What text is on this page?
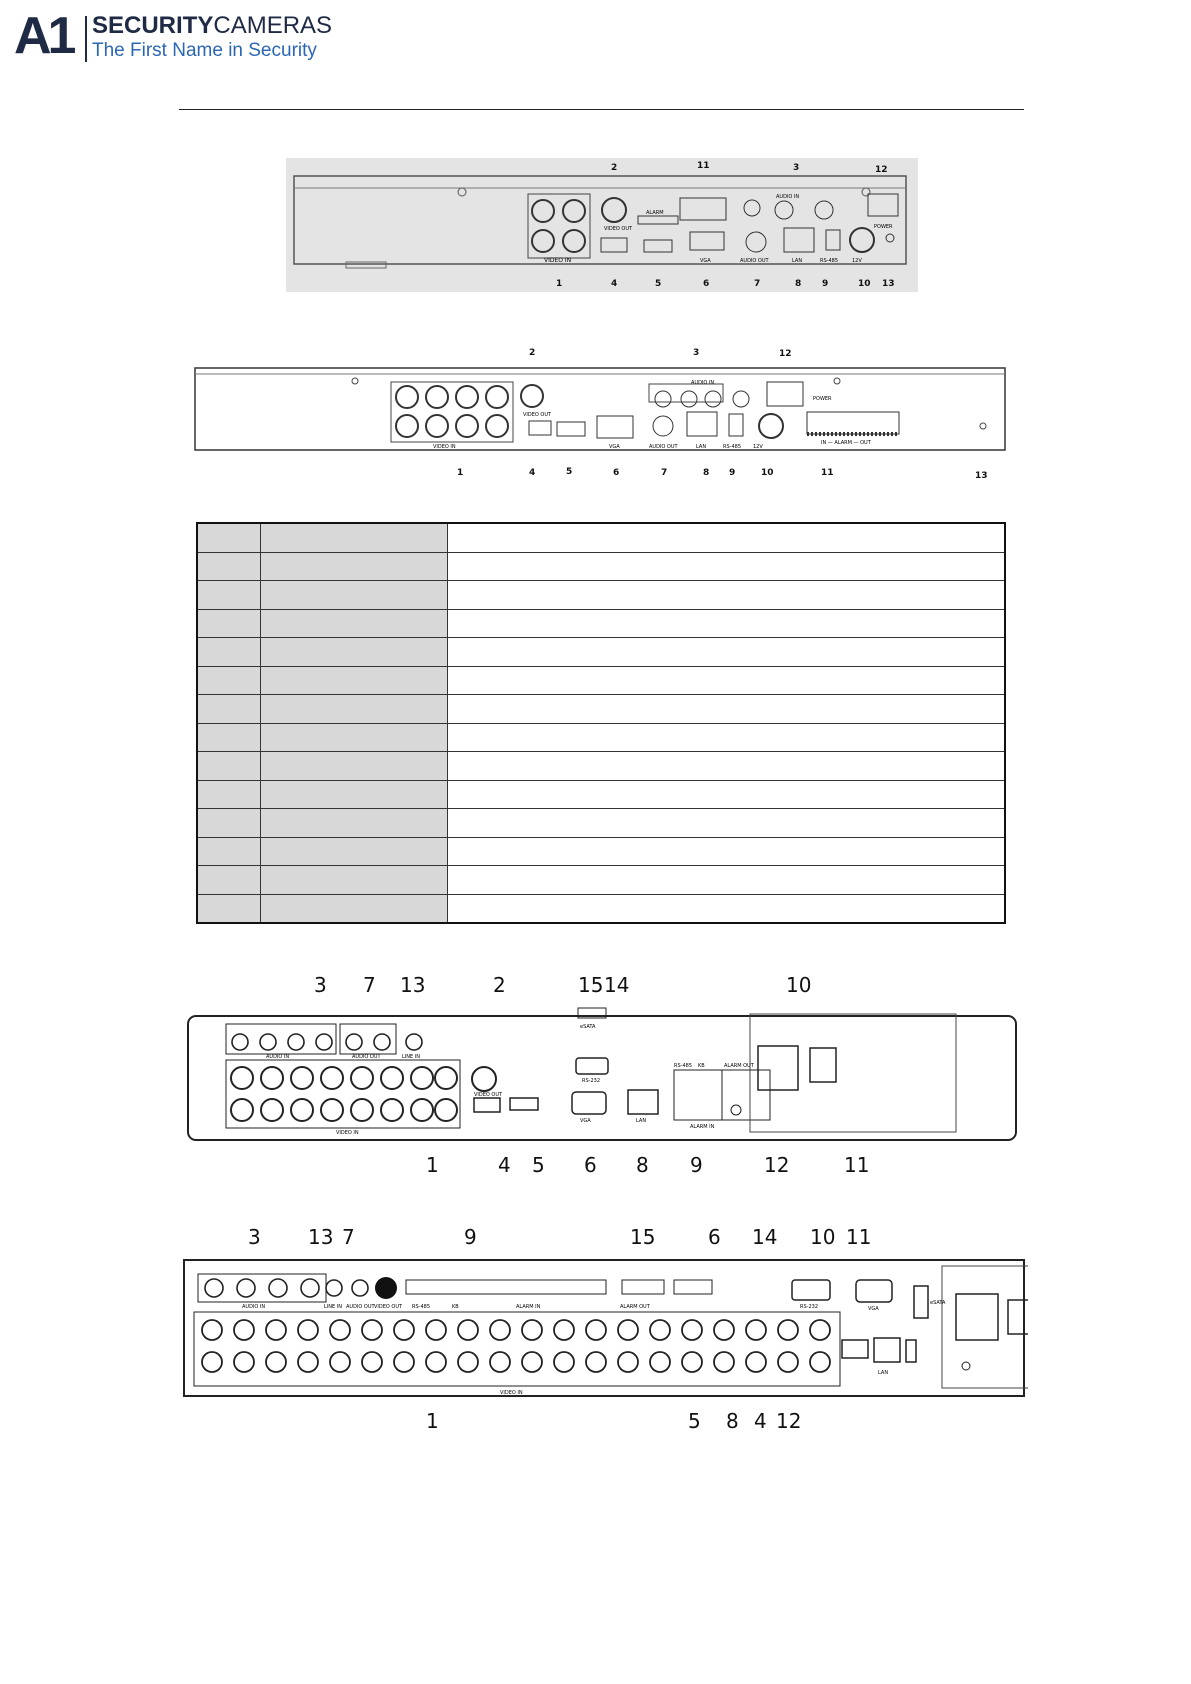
A1 SECURITYCAMERAS
The First Name in Security
VIDEO IN
VIDEO OUT
ALARM
AUDIO IN
POWER
VGA	AUDIO OUT	LAN	RS-485	12V
2	11	3	12
1	4	5	6	7	8 9	10 13
VIDEO IN
VIDEO OUT
AUDIO IN
POWER
VGA	AUDIO OUT	LAN	RS-485 12V
IN — ALARM — OUT
2	3	12
1	4	5	6	7	8 9	10	11	13

AUDIO IN	AUDIO OUT	LINE IN
VIDEO IN
VIDEO OUT
RS-232
eSATA
VGA	LAN
RS-485 KB	ALARM OUT
ALARM IN
3 7 13	2	15 14	10
1	4 5 6 8 9	12	11
AUDIO IN	LINE IN AUDIO OUT VIDEO OUT RS-485	KB	ALARM IN	ALARM OUT	RS-232	VGA
eSATA
VIDEO IN
LAN
3 13 7	9	15	6 14 10 11
1	5 8 4 12
